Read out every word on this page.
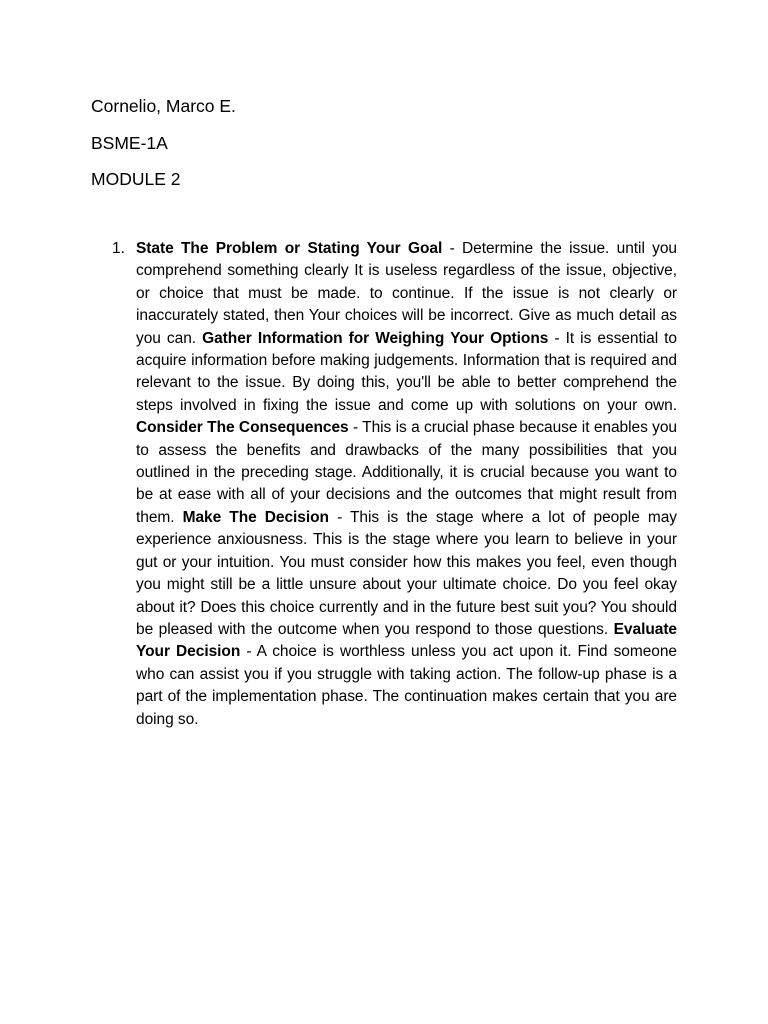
Cornelio, Marco E.
BSME-1A
MODULE 2
1. State The Problem or Stating Your Goal - Determine the issue. until you comprehend something clearly It is useless regardless of the issue, objective, or choice that must be made. to continue. If the issue is not clearly or inaccurately stated, then Your choices will be incorrect. Give as much detail as you can. Gather Information for Weighing Your Options - It is essential to acquire information before making judgements. Information that is required and relevant to the issue. By doing this, you'll be able to better comprehend the steps involved in fixing the issue and come up with solutions on your own. Consider The Consequences - This is a crucial phase because it enables you to assess the benefits and drawbacks of the many possibilities that you outlined in the preceding stage. Additionally, it is crucial because you want to be at ease with all of your decisions and the outcomes that might result from them. Make The Decision - This is the stage where a lot of people may experience anxiousness. This is the stage where you learn to believe in your gut or your intuition. You must consider how this makes you feel, even though you might still be a little unsure about your ultimate choice. Do you feel okay about it? Does this choice currently and in the future best suit you? You should be pleased with the outcome when you respond to those questions. Evaluate Your Decision - A choice is worthless unless you act upon it. Find someone who can assist you if you struggle with taking action. The follow-up phase is a part of the implementation phase. The continuation makes certain that you are doing so.
